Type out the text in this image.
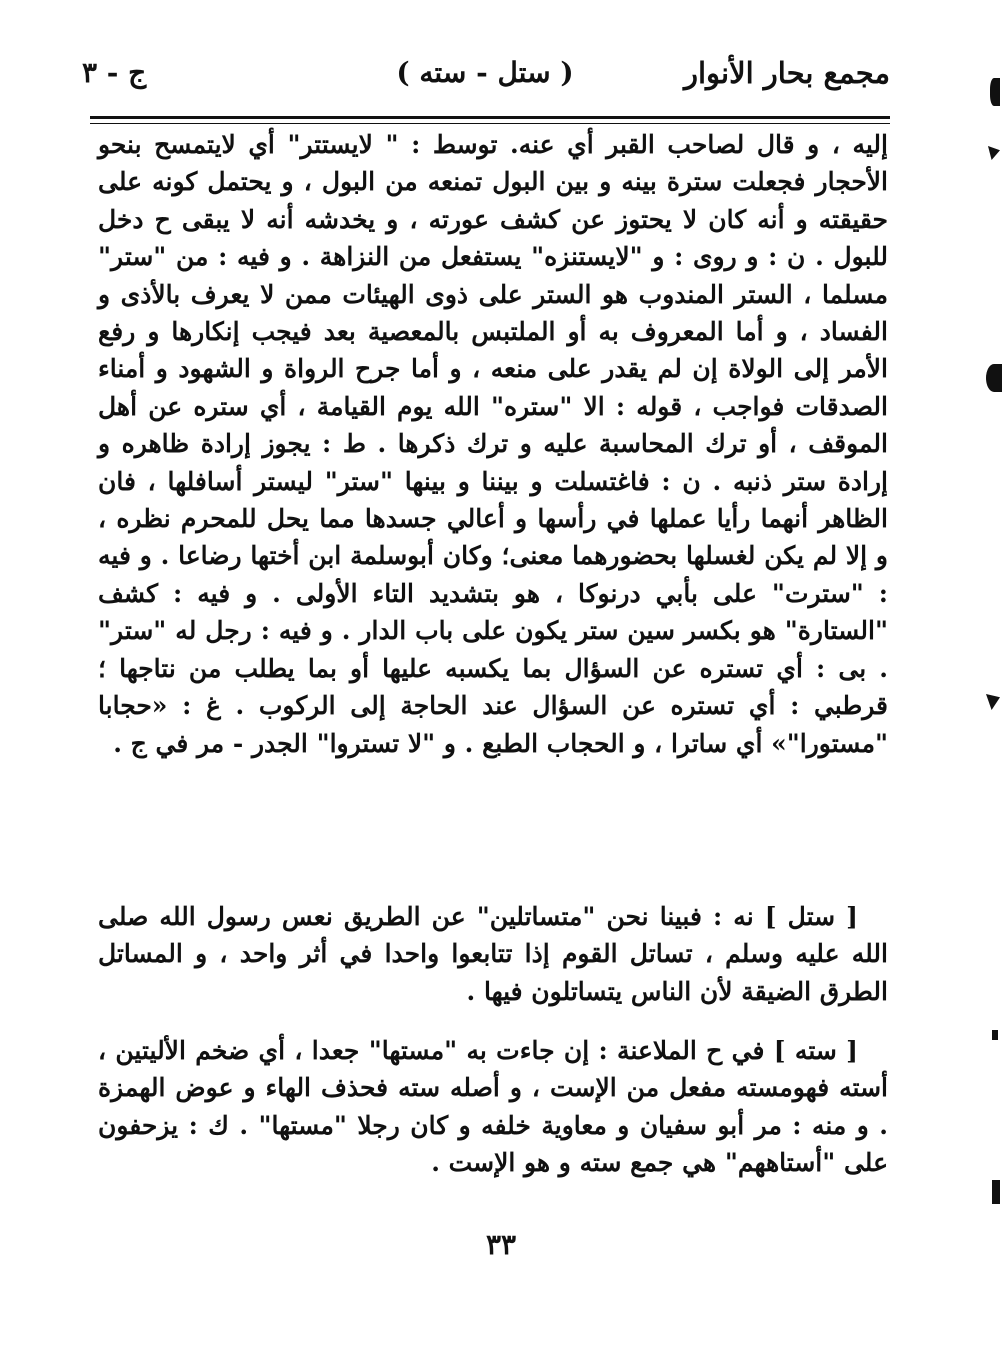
مجمع بحار الأنوار
( ستل - سته )
ج - ٣

إليه ، و قال لصاحب القبر أي عنه. توسط : " لايستتر" أي لايتمسح بنحو الأحجار فجعلت سترة بينه و بين البول تمنعه من البول ، و يحتمل كونه على حقيقته و أنه كان لا يحتوز عن كشف عورته ، و يخدشه أنه لا يبقى ح دخل للبول . ن : و روى : و "لايستنزه" يستفعل من النزاهة . و فيه : من "ستر" مسلما ، الستر المندوب هو الستر على ذوى الهيئات ممن لا يعرف بالأذى و الفساد ، و أما المعروف به أو الملتبس بالمعصية بعد فيجب إنكارها و رفع الأمر إلى الولاة إن لم يقدر على منعه ، و أما جرح الرواة و الشهود و أمناء الصدقات فواجب ، قوله : الا "ستره" الله يوم القيامة ، أي ستره عن أهل الموقف ، أو ترك المحاسبة عليه و ترك ذكرها . ط : يجوز إرادة ظاهره و إرادة ستر ذنبه . ن : فاغتسلت و بيننا و بينها "ستر" ليستر أسافلها ، فان الظاهر أنهما رأيا عملها في رأسها و أعالي جسدها مما يحل للمحرم نظره ، و إلا لم يكن لغسلها بحضورهما معنى؛ وكان أبوسلمة ابن أختها رضاعا . و فيه : "سترت" على بأبي درنوكا ، هو بتشديد التاء الأولى . و فيه : كشف "الستارة" هو بكسر سين ستر يكون على باب الدار . و فيه : رجل له "ستر" . بى : أي تستره عن السؤال بما يكسبه عليها أو بما يطلب من نتاجها ؛ قرطبي : أي تستره عن السؤال عند الحاجة إلى الركوب . غ : «حجابا "مستورا"» أي ساترا ، و الحجاب الطبع . و "لا تستروا" الجدر - مر في ج .

[ ستل ] نه : فبينا نحن "متساتلين" عن الطريق نعس رسول الله صلى الله عليه وسلم ، تساتل القوم إذا تتابعوا واحدا في أثر واحد ، و المساتل الطرق الضيقة لأن الناس يتساتلون فيها .

[ سته ] في ح الملاعنة : إن جاءت به "مستها" جعدا ، أي ضخم الأليتين ، أسته فهومسته مفعل من الإست ، و أصله سته فحذف الهاء و عوض الهمزة . و منه : مر أبو سفيان و معاوية خلفه و كان رجلا "مستها" . ك : يزحفون على "أستاههم" هي جمع سته و هو الإست .

٣٣
